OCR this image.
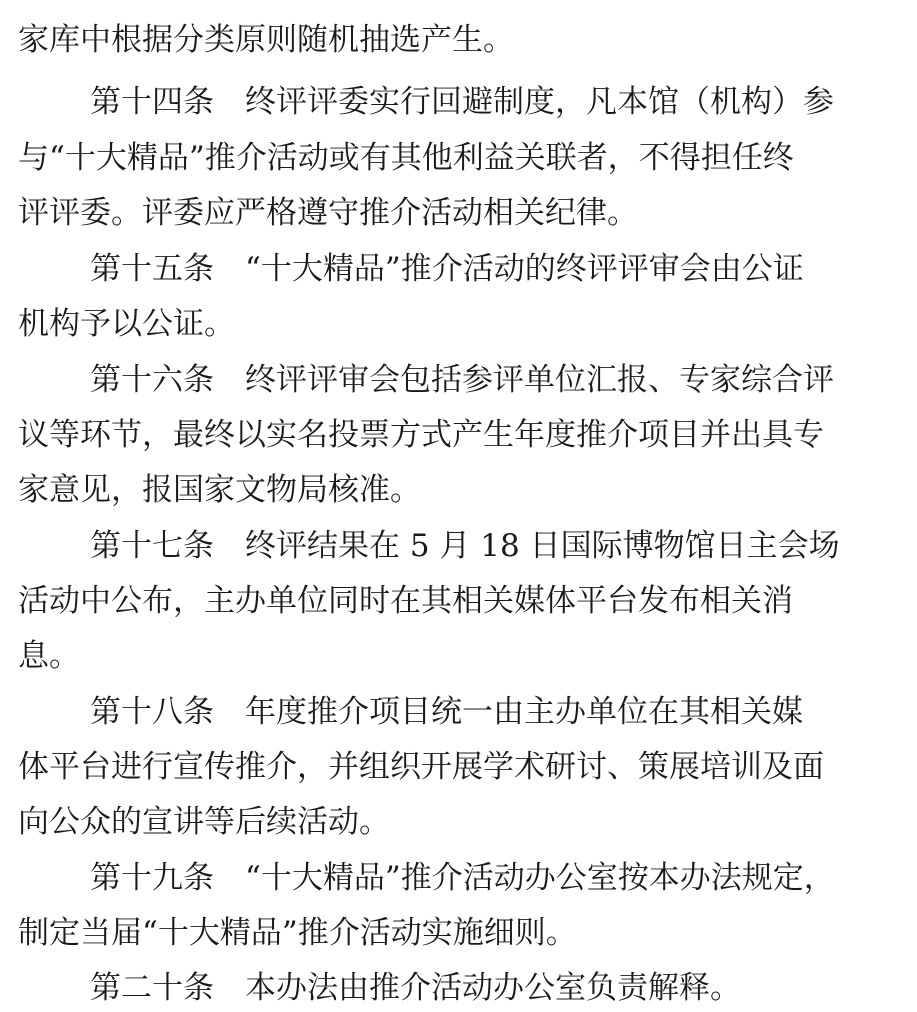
家库中根据分类原则随机抽选产生。
第十四条　终评评委实行回避制度，凡本馆（机构）参
与“十大精品”推介活动或有其他利益关联者，不得担任终
评评委。评委应严格遵守推介活动相关纪律。
第十五条　“十大精品”推介活动的终评评审会由公证
机构予以公证。
第十六条　终评评审会包括参评单位汇报、专家综合评
议等环节，最终以实名投票方式产生年度推介项目并出具专
家意见，报国家文物局核准。
第十七条　终评结果在 5 月 18 日国际博物馆日主会场
活动中公布，主办单位同时在其相关媒体平台发布相关消
息。
第十八条　年度推介项目统一由主办单位在其相关媒
体平台进行宣传推介，并组织开展学术研讨、策展培训及面
向公众的宣讲等后续活动。
第十九条　“十大精品”推介活动办公室按本办法规定，
制定当届“十大精品”推介活动实施细则。
第二十条　本办法由推介活动办公室负责解释。
